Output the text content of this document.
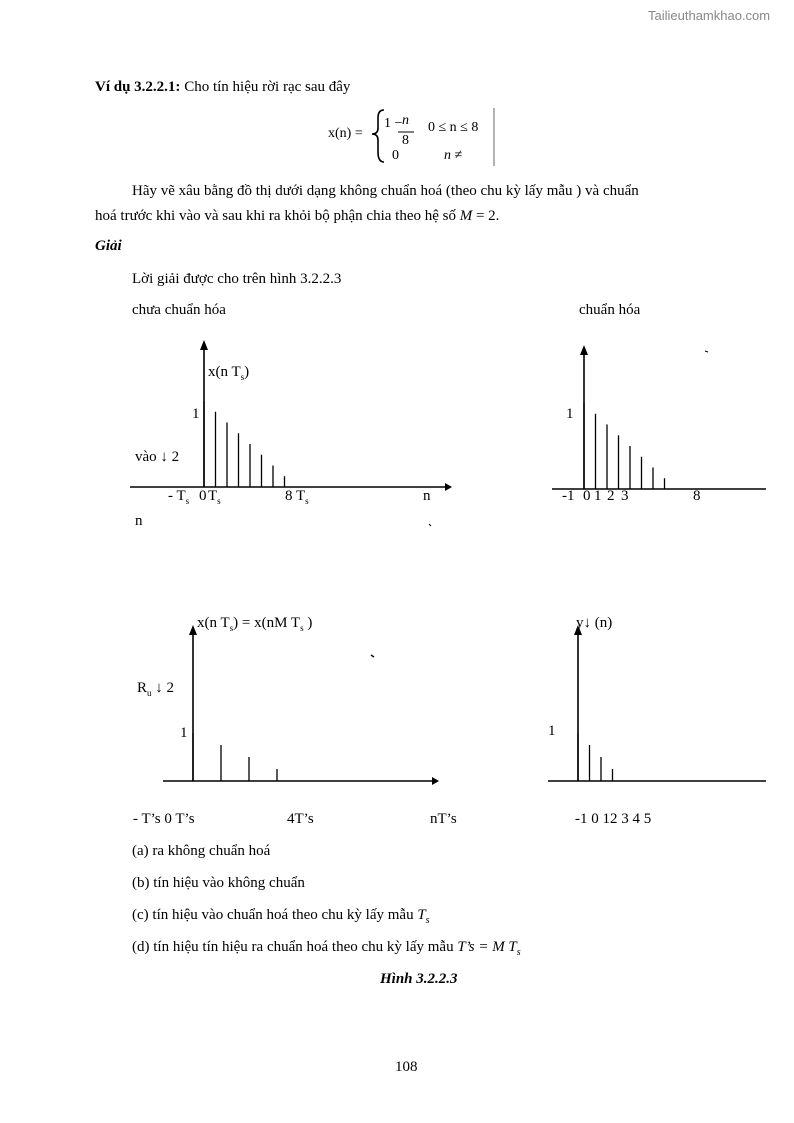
Tailieuthamkhao.com
Ví dụ 3.2.2.1: Cho tín hiệu rời rạc sau đây
x(n) =
1 − n
8
0 ≤ n ≤ 8
0	n ≠
Hãy vẽ xâu bằng đồ thị dưới dạng không chuẩn hoá (theo chu kỳ lấy mẫu ) và chuẩn
hoá trước khi vào và sau khi ra khỏi bộ phận chia theo hệ số M = 2.
Giải
Lời giải được cho trên hình 3.2.2.3
chưa chuẩn hóa	chuẩn hóa
x(n $T_s$)
1
vào ↓ 2
- $T_s$ 0 $T_s$	8 $T_s$	n
n
1
-1 0 1 2 3	8
x(n $T_s) = x(nM$ $T_s$ )
$R_u$ ↓ 2
1
y↓ (n)
1
- T’s 0 T’s	4T’s	nT’s	-1 0 12 3 4 5
(a) ra không chuẩn hoá
(b) tín hiệu vào không chuẩn
(c) tín hiệu vào chuẩn hoá theo chu kỳ lấy mẫu $T_s$
(d) tín hiệu tín hiệu ra chuẩn hoá theo chu kỳ lấy mẫu T’s = M $T_s$
Hình 3.2.2.3
108
